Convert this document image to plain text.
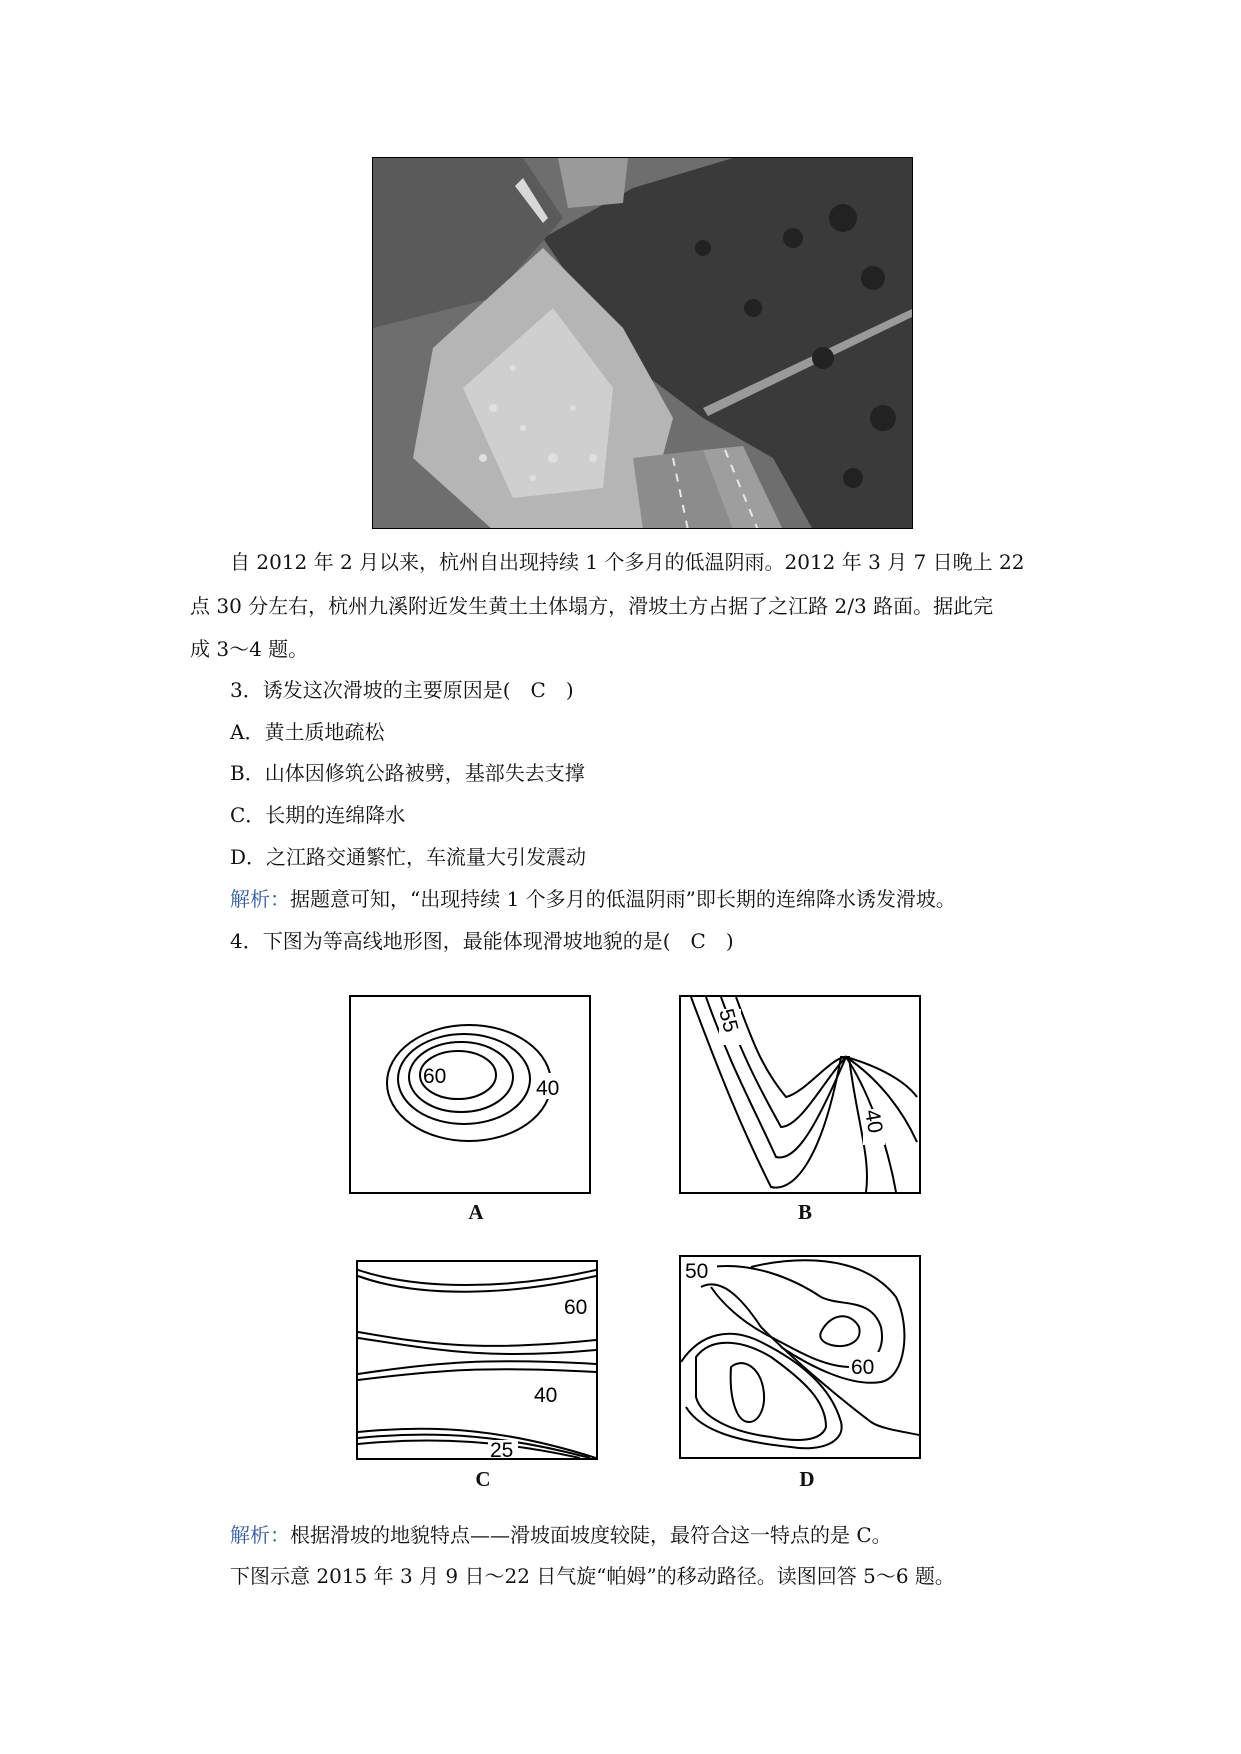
自 2012 年 2 月以来，杭州自出现持续 1 个多月的低温阴雨。2012 年 3 月 7 日晚上 22
点 30 分左右，杭州九溪附近发生黄土土体塌方，滑坡土方占据了之江路 2/3 路面。据此完
成 3～4 题。
3．诱发这次滑坡的主要原因是(　C　)
A．黄土质地疏松
B．山体因修筑公路被劈，基部失去支撑
C．长期的连绵降水
D．之江路交通繁忙，车流量大引发震动
解析：据题意可知，“出现持续 1 个多月的低温阴雨”即长期的连绵降水诱发滑坡。
4．下图为等高线地形图，最能体现滑坡地貌的是(　C　)
40
60
A
55
40
B
60
40
25
C
50
60
D
解析：根据滑坡的地貌特点——滑坡面坡度较陡，最符合这一特点的是 C。
下图示意 2015 年 3 月 9 日～22 日气旋“帕姆”的移动路径。读图回答 5～6 题。
